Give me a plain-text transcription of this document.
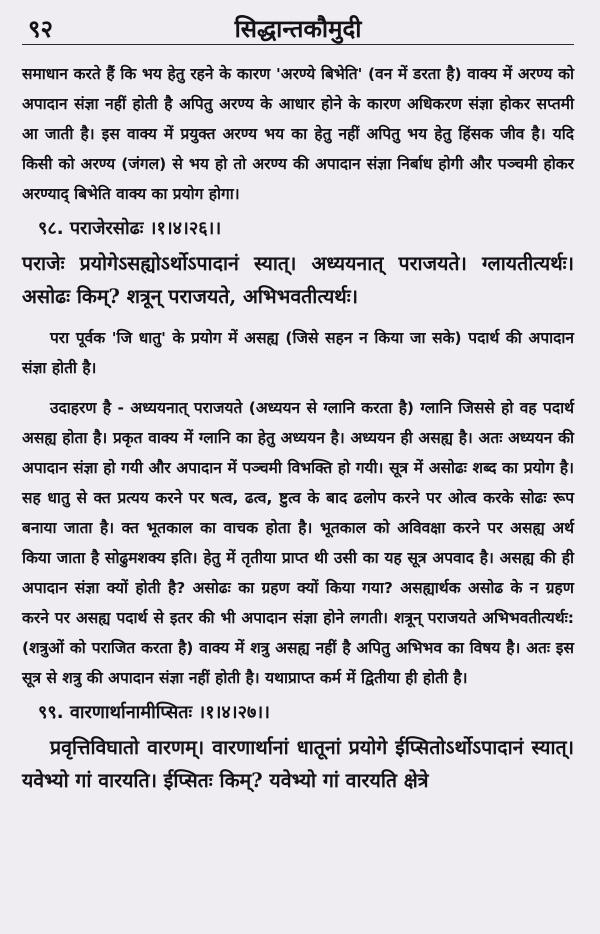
९२	सिद्धान्तकौमुदी

समाधान करते हैं कि भय हेतु रहने के कारण 'अरण्ये बिभेति' (वन में डरता है) वाक्य में अरण्य को अपादान संज्ञा नहीं होती है अपितु अरण्य के आधार होने के कारण अधिकरण संज्ञा होकर सप्तमी आ जाती है। इस वाक्य में प्रयुक्त अरण्य भय का हेतु नहीं अपितु भय हेतु हिंसक जीव है। यदि किसी को अरण्य (जंगल) से भय हो तो अरण्य की अपादान संज्ञा निर्बाध होगी और पञ्चमी होकर अरण्याद् बिभेति वाक्य का प्रयोग होगा।

९८. पराजेरसोढः ।१।४।२६।।

पराजेः प्रयोगेऽसह्योऽर्थोऽपादानं स्यात्। अध्ययनात् पराजयते। ग्लायतीत्यर्थः। असोढः किम्? शत्रून् पराजयते, अभिभवतीत्यर्थः।

परा पूर्वक 'जि धातु' के प्रयोग में असह्य (जिसे सहन न किया जा सके) पदार्थ की अपादान संज्ञा होती है।

उदाहरण है - अध्ययनात् पराजयते (अध्ययन से ग्लानि करता है) ग्लानि जिससे हो वह पदार्थ असह्य होता है। प्रकृत वाक्य में ग्लानि का हेतु अध्ययन है। अध्ययन ही असह्य है। अतः अध्ययन की अपादान संज्ञा हो गयी और अपादान में पञ्चमी विभक्ति हो गयी। सूत्र में असोढः शब्द का प्रयोग है। सह धातु से क्त प्रत्यय करने पर षत्व, ढत्व, ष्टुत्व के बाद ढलोप करने पर ओत्व करके सोढः रूप बनाया जाता है। क्त भूतकाल का वाचक होता है। भूतकाल को अविवक्षा करने पर असह्य अर्थ किया जाता है सोढुमशक्य इति। हेतु में तृतीया प्राप्त थी उसी का यह सूत्र अपवाद है। असह्य की ही अपादान संज्ञा क्यों होती है? असोढः का ग्रहण क्यों किया गया? असह्यार्थक असोढ के न ग्रहण करने पर असह्य पदार्थ से इतर की भी अपादान संज्ञा होने लगती। शत्रून् पराजयते अभिभवतीत्यर्थः: (शत्रुओं को पराजित करता है) वाक्य में शत्रु असह्य नहीं है अपितु अभिभव का विषय है। अतः इस सूत्र से शत्रु की अपादान संज्ञा नहीं होती है। यथाप्राप्त कर्म में द्वितीया ही होती है।

९९. वारणार्थानामीप्सितः ।१।४।२७।।

प्रवृत्तिविघातो वारणम्। वारणार्थानां धातूनां प्रयोगे ईप्सितोऽर्थोऽपादानं स्यात्। यवेभ्यो गां वारयति। ईप्सितः किम्? यवेभ्यो गां वारयति क्षेत्रे
